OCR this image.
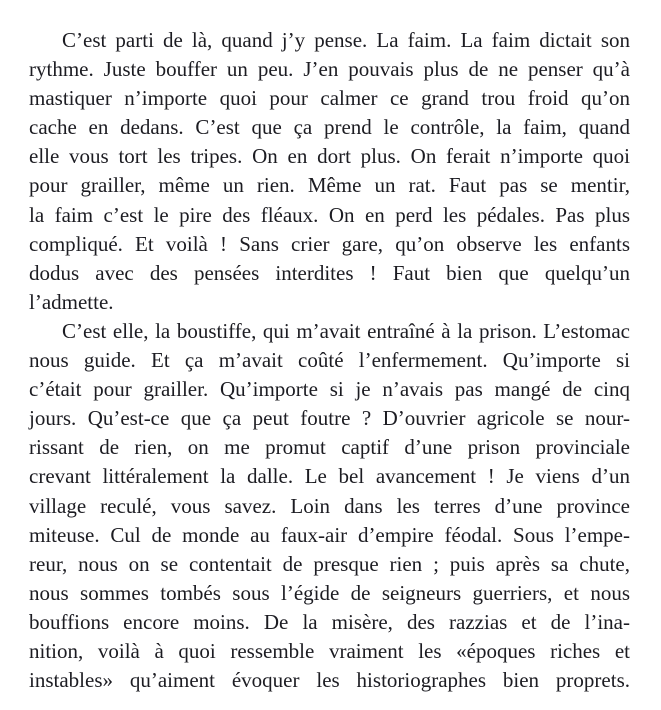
C’est parti de là, quand j’y pense. La faim. La faim dictait son
rythme. Juste bouffer un peu. J’en pouvais plus de ne penser qu’à
mastiquer n’importe quoi pour calmer ce grand trou froid qu’on
cache en dedans. C’est que ça prend le contrôle, la faim, quand
elle vous tort les tripes. On en dort plus. On ferait n’importe quoi
pour grailler, même un rien. Même un rat. Faut pas se mentir,
la faim c’est le pire des fléaux. On en perd les pédales. Pas plus
compliqué. Et voilà ! Sans crier gare, qu’on observe les enfants
dodus avec des pensées interdites ! Faut bien que quelqu’un
l’admette.

C’est elle, la boustiffe, qui m’avait entraîné à la prison. L’estomac
nous guide. Et ça m’avait coûté l’enfermement. Qu’importe si
c’était pour grailler. Qu’importe si je n’avais pas mangé de cinq
jours. Qu’est-ce que ça peut foutre ? D’ouvrier agricole se nour-
rissant de rien, on me promut captif d’une prison provinciale
crevant littéralement la dalle. Le bel avancement ! Je viens d’un
village reculé, vous savez. Loin dans les terres d’une province
miteuse. Cul de monde au faux-air d’empire féodal. Sous l’empe-
reur, nous on se contentait de presque rien ; puis après sa chute,
nous sommes tombés sous l’égide de seigneurs guerriers, et nous
bouffions encore moins. De la misère, des razzias et de l’ina-
nition, voilà à quoi ressemble vraiment les «époques riches et
instables» qu’aiment évoquer les historiographes bien proprets.
